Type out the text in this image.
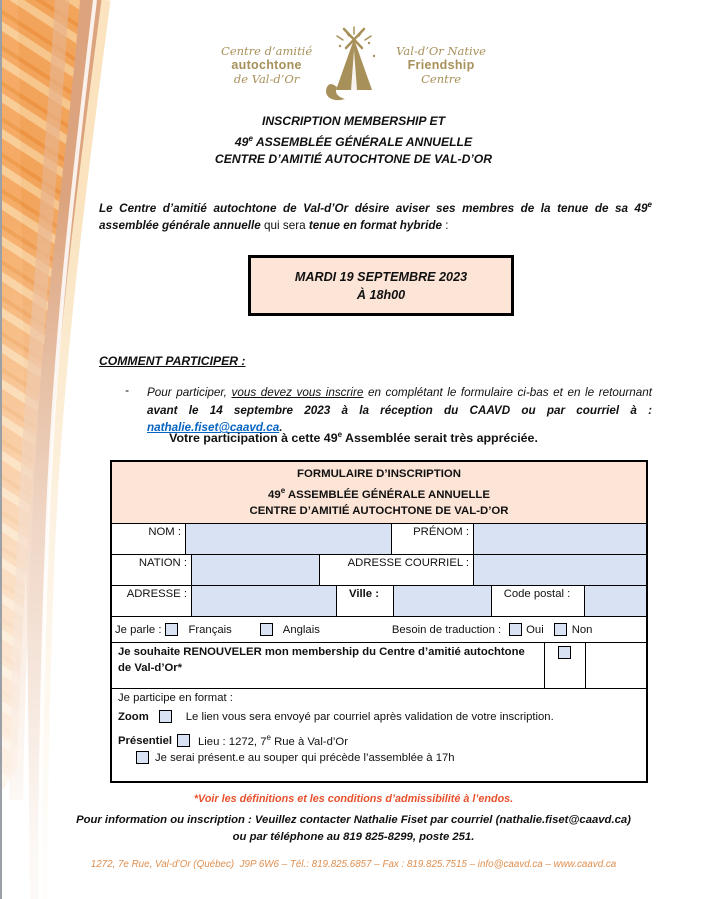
Centre d’amitié
autochtone
de Val-d’Or
Val-d’Or Native
Friendship
Centre
INSCRIPTION MEMBERSHIP ET
49e ASSEMBLÉE GÉNÉRALE ANNUELLE
CENTRE D’AMITIÉ AUTOCHTONE DE VAL-D’OR
Le Centre d’amitié autochtone de Val-d’Or désire aviser ses membres de la tenue de sa 49e assemblée générale annuelle qui sera tenue en format hybride :
MARDI 19 SEPTEMBRE 2023
À 18h00
COMMENT PARTICIPER :
-	Pour participer, vous devez vous inscrire en complétant le formulaire ci-bas et en le retournant avant le 14 septembre 2023 à la réception du CAAVD ou par courriel à : nathalie.fiset@caavd.ca.
Votre participation à cette 49e Assemblée serait très appréciée.
FORMULAIRE D’INSCRIPTION
49e ASSEMBLÉE GÉNÉRALE ANNUELLE
CENTRE D’AMITIÉ AUTOCHTONE DE VAL-D’OR
NOM :	PRÉNOM :
NATION :	ADRESSE COURRIEL :
ADRESSE :	Ville :	Code postal :
Je parle : Français	Anglais	Besoin de traduction : Oui Non
Je souhaite RENOUVELER mon membership du Centre d’amitié autochtone de Val-d’Or*
Je participe en format :
Zoom	Le lien vous sera envoyé par courriel après validation de votre inscription.
Présentiel Lieu : 1272, 7e Rue à Val-d’Or
Je serai présent.e au souper qui précède l’assemblée à 17h
*Voir les définitions et les conditions d’admissibilité à l’endos.
Pour information ou inscription : Veuillez contacter Nathalie Fiset par courriel (nathalie.fiset@caavd.ca) ou par téléphone au 819 825-8299, poste 251.
1272, 7e Rue, Val-d’Or (Québec)  J9P 6W6 – Tél.: 819.825.6857 – Fax : 819.825.7515 – info@caavd.ca – www.caavd.ca
